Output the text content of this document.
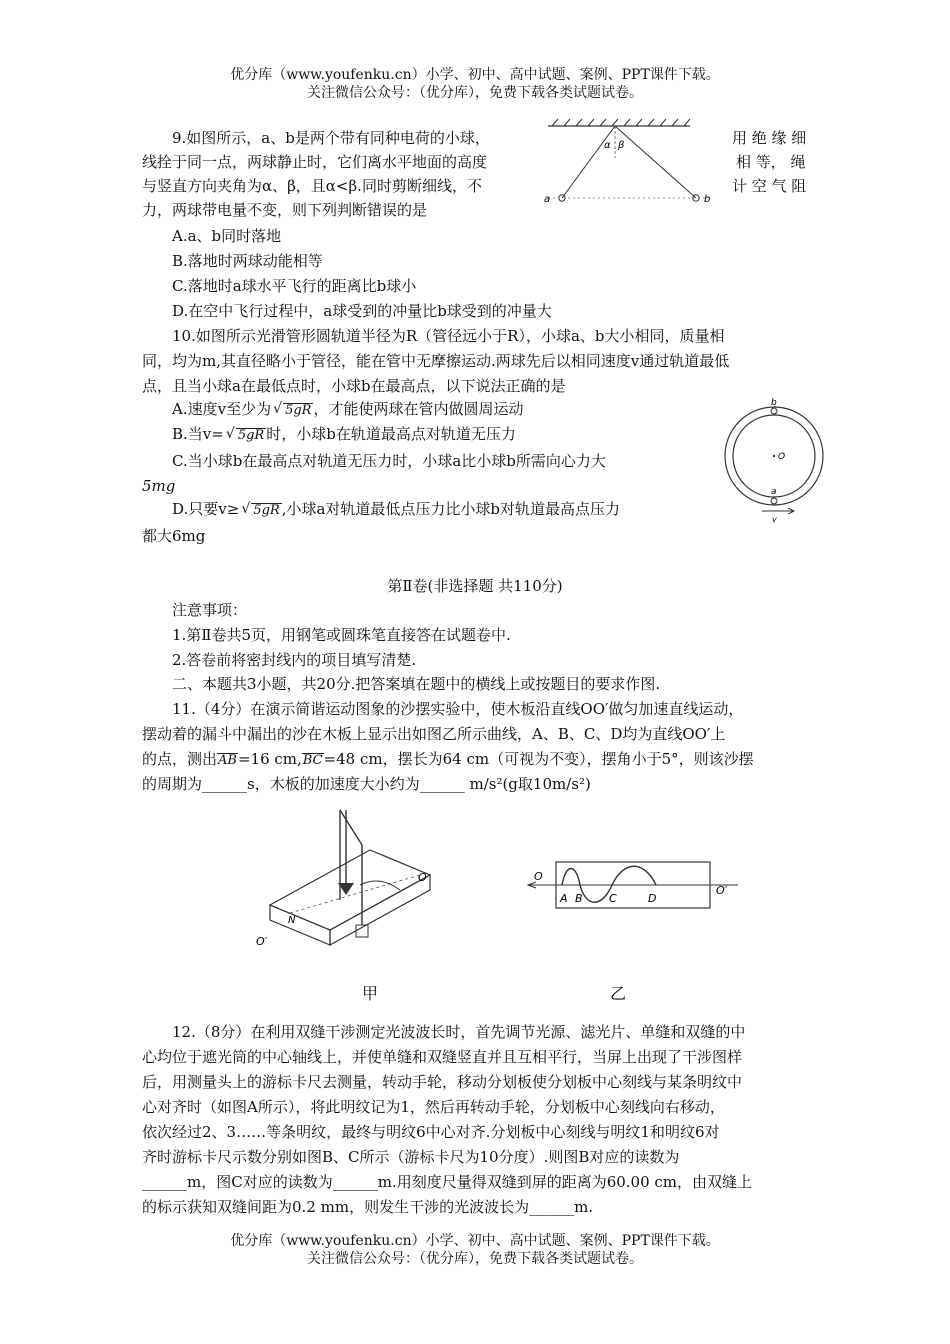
优分库（www.youfenku.cn）小学、初中、高中试题、案例、PPT课件下载。
关注微信公众号：（优分库），免费下载各类试题试卷。
9.如图所示，a、b是两个带有同种电荷的小球，	用 绝 缘 细
线拴于同一点，两球静止时，它们离水平地面的高度	相 等， 绳
与竖直方向夹角为α、β，且α<β.同时剪断细线，不	计 空 气 阻
力，两球带电量不变，则下列判断错误的是
A.a、b同时落地
B.落地时两球动能相等
C.落地时a球水平飞行的距离比b球小
D.在空中飞行过程中，a球受到的冲量比b球受到的冲量大
α β
a	b
10.如图所示光滑管形圆轨道半径为R（管径远小于R），小球a、b大小相同，质量相
同，均为m,其直径略小于管径，能在管中无摩擦运动.两球先后以相同速度v通过轨道最低
点，且当小球a在最低点时，小球b在最高点，以下说法正确的是
A.速度v至少为 √ 5gR ，才能使两球在管内做圆周运动
B.当v= √ 5gR 时，小球b在轨道最高点对轨道无压力
C.当小球b在最高点对轨道无压力时，小球a比小球b所需向心力大
5mg
D.只要v≥ √ 5gR ,小球a对轨道最低点压力比小球b对轨道最高点压力
都大6mg
b
O
a
v
第Ⅱ卷(非选择题 共110分)
注意事项：
1.第Ⅱ卷共5页，用钢笔或圆珠笔直接答在试题卷中.
2.答卷前将密封线内的项目填写清楚.
二、本题共3小题，共20分.把答案填在题中的横线上或按题目的要求作图.
11.（4分）在演示简谐运动图象的沙摆实验中，使木板沿直线OO′做匀加速直线运动，
摆动着的漏斗中漏出的沙在木板上显示出如图乙所示曲线，A、B、C、D均为直线OO′上
的点，测出AB=16 cm,BC=48 cm，摆长为64 cm（可视为不变），摆角小于5°，则该沙摆
的周期为______s，木板的加速度大小约为______ m/s²(g取10m/s²)
O
O′
N
甲
O
O′
A B C	D
乙
12.（8分）在利用双缝干涉测定光波波长时，首先调节光源、滤光片、单缝和双缝的中
心均位于遮光筒的中心轴线上，并使单缝和双缝竖直并且互相平行，当屏上出现了干涉图样
后，用测量头上的游标卡尺去测量，转动手轮，移动分划板使分划板中心刻线与某条明纹中
心对齐时（如图A所示），将此明纹记为1，然后再转动手轮，分划板中心刻线向右移动，
依次经过2、3……等条明纹，最终与明纹6中心对齐.分划板中心刻线与明纹1和明纹6对
齐时游标卡尺示数分别如图B、C所示（游标卡尺为10分度）.则图B对应的读数为
______m，图C对应的读数为______m.用刻度尺量得双缝到屏的距离为60.00 cm，由双缝上
的标示获知双缝间距为0.2 mm，则发生干涉的光波波长为______m.
优分库（www.youfenku.cn）小学、初中、高中试题、案例、PPT课件下载。
关注微信公众号：（优分库），免费下载各类试题试卷。
